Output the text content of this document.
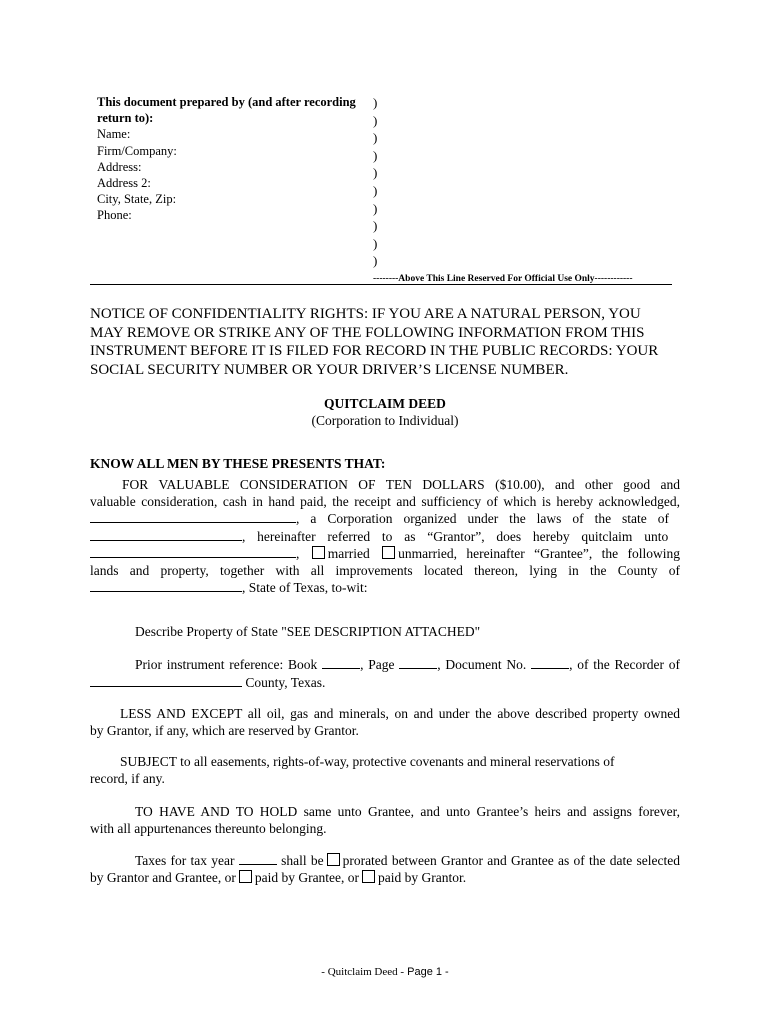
This document prepared by (and after recording
return to):
Name:
Firm/Company:
Address:
Address 2:
City, State, Zip:
Phone:
)
)
)
)
)
)
)
)
)
)
--------Above This Line Reserved For Official Use Only------------
NOTICE OF CONFIDENTIALITY RIGHTS: IF YOU ARE A NATURAL PERSON, YOU
MAY REMOVE OR STRIKE ANY OF THE FOLLOWING INFORMATION FROM THIS
INSTRUMENT BEFORE IT IS FILED FOR RECORD IN THE PUBLIC RECORDS: YOUR
SOCIAL SECURITY NUMBER OR YOUR DRIVER’S LICENSE NUMBER.
QUITCLAIM DEED
(Corporation to Individual)
KNOW ALL MEN BY THESE PRESENTS THAT:
FOR VALUABLE CONSIDERATION OF TEN DOLLARS ($10.00), and other good and
valuable consideration, cash in hand paid, the receipt and sufficiency of which is hereby acknowledged,
, a Corporation organized under the laws of the state of
, hereinafter referred to as “Grantor”, does hereby quitclaim unto
, married unmarried, hereinafter “Grantee”, the following
lands and property, together with all improvements located thereon, lying in the County of
, State of Texas, to-wit:
Describe Property of State "SEE DESCRIPTION ATTACHED"
Prior instrument reference: Book	, Page	, Document No.	, of the Recorder of
County, Texas.
LESS AND EXCEPT all oil, gas and minerals, on and under the above described property owned
by Grantor, if any, which are reserved by Grantor.
SUBJECT to all easements, rights-of-way, protective covenants and mineral reservations of
record, if any.
TO HAVE AND TO HOLD same unto Grantee, and unto Grantee’s heirs and assigns forever,
with all appurtenances thereunto belonging.
Taxes for tax year	shall be prorated between Grantor and Grantee as of the date selected
by Grantor and Grantee, or paid by Grantee, or paid by Grantor.
- Quitclaim Deed - Page 1 -
